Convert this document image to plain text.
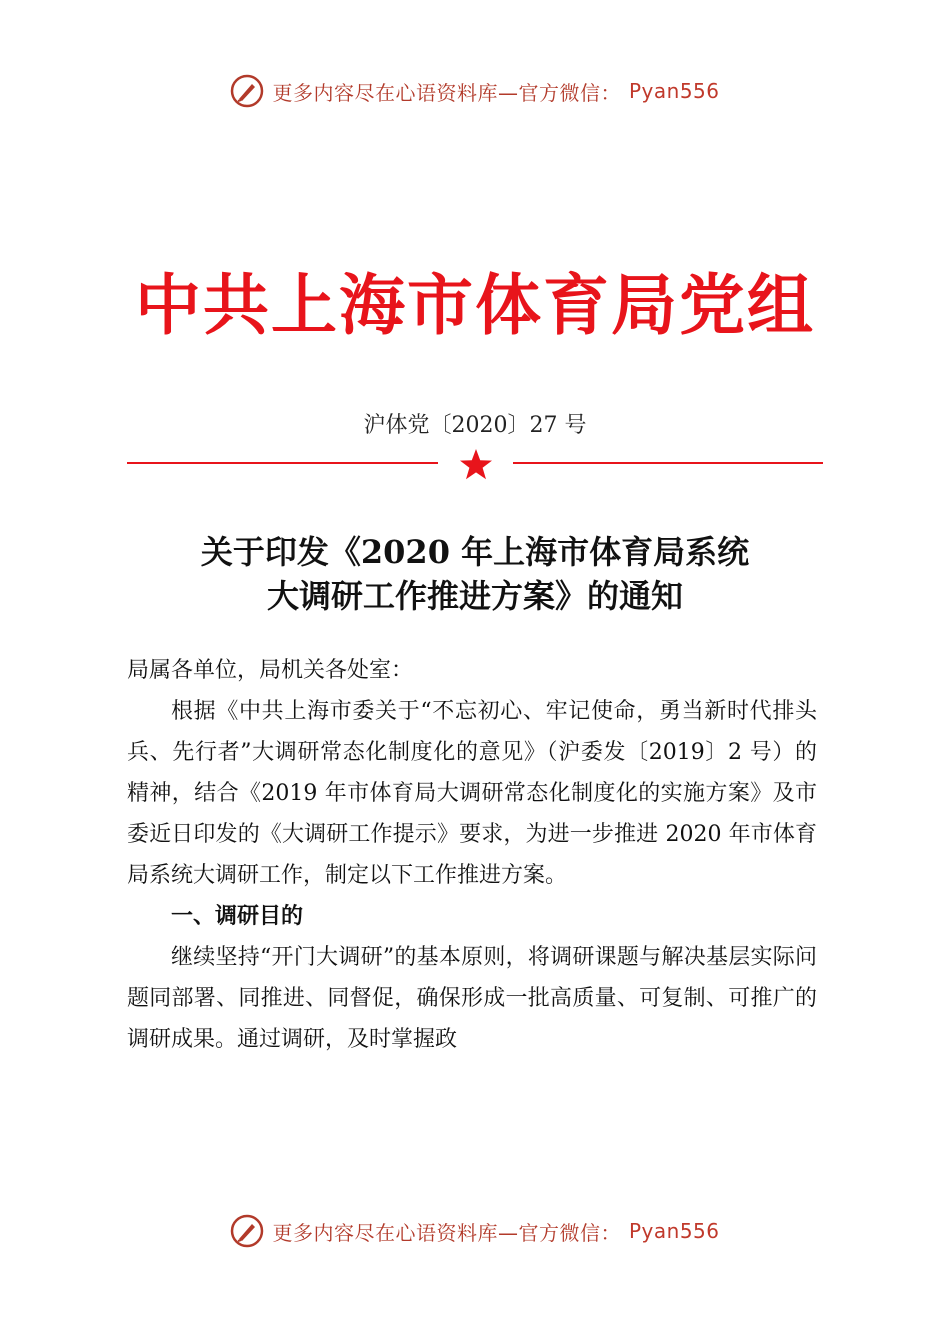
更多内容尽在心语资料库—官方微信： Pyan556
中共上海市体育局党组
沪体党〔2020〕27 号
关于印发《2020 年上海市体育局系统
大调研工作推进方案》的通知

局属各单位，局机关各处室：

根据《中共上海市委关于“不忘初心、牢记使命，勇当新时代排头兵、先行者”大调研常态化制度化的意见》（沪委发〔2019〕2 号）的精神，结合《2019 年市体育局大调研常态化制度化的实施方案》及市委近日印发的《大调研工作提示》要求，为进一步推进 2020 年市体育局系统大调研工作，制定以下工作推进方案。

一、调研目的

继续坚持“开门大调研”的基本原则，将调研课题与解决基层实际问题同部署、同推进、同督促，确保形成一批高质量、可复制、可推广的调研成果。通过调研，及时掌握政

更多内容尽在心语资料库—官方微信： Pyan556
